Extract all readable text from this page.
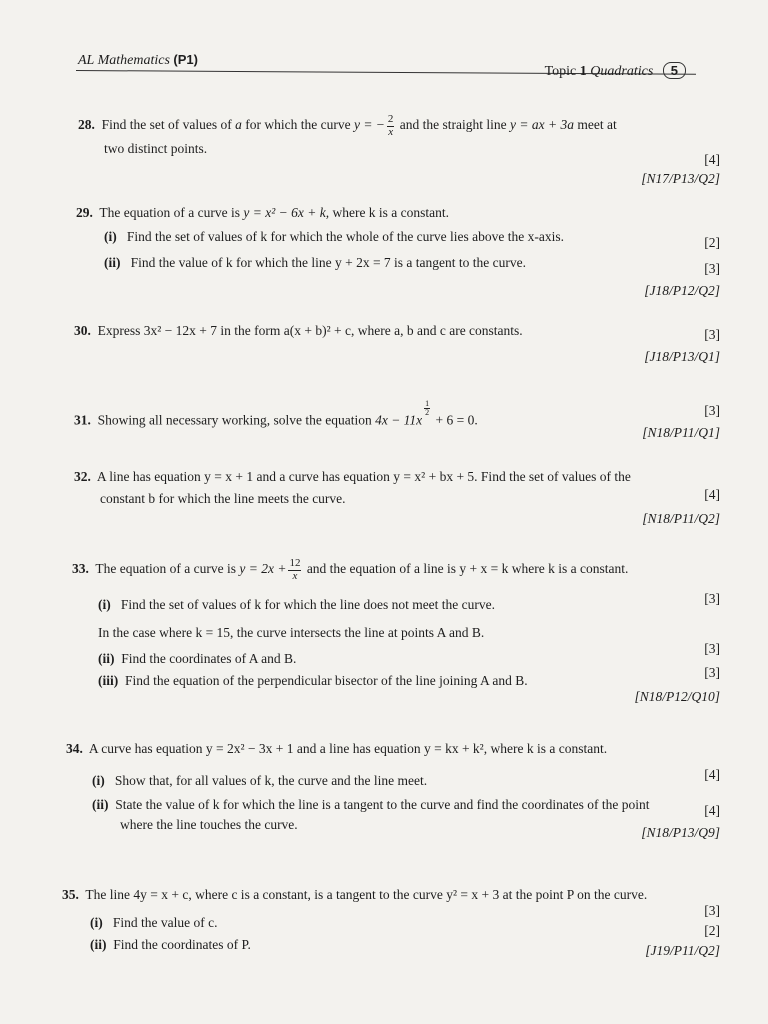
AL Mathematics (P1)
Topic 1 Quadratics 5
28. Find the set of values of a for which the curve y = − $\frac{2}{x}$ and the straight line y = ax + 3a meet at
two distinct points.
[4]
[N17/P13/Q2]
29. The equation of a curve is y = x² − 6x + k, where k is a constant.
(i) Find the set of values of k for which the whole of the curve lies above the x-axis.	[2]
(ii) Find the value of k for which the line y + 2x = 7 is a tangent to the curve.	[3]
[J18/P12/Q2]
30. Express 3x² − 12x + 7 in the form a(x + b)² + c, where a, b and c are constants.	[3]
[J18/P13/Q1]
31. Showing all necessary working, solve the equation 4x − 11x
$\frac{1}{2}$
+ 6 = 0.
[3]
[N18/P11/Q1]
32. A line has equation y = x + 1 and a curve has equation y = x² + bx + 5. Find the set of values of the
constant b for which the line meets the curve.	[4]
[N18/P11/Q2]
33. The equation of a curve is $y = 2x + \frac{12}{x}$ and the equation of a line is y + x = k where k is a constant.
(i) Find the set of values of k for which the line does not meet the curve.	[3]
In the case where k = 15, the curve intersects the line at points A and B.
[3]
(ii) Find the coordinates of A and B.
(iii) Find the equation of the perpendicular bisector of the line joining A and B.
[3]
[N18/P12/Q10]
34. A curve has equation y = 2x² − 3x + 1 and a line has equation y = kx + k², where k is a constant.
(i) Show that, for all values of k, the curve and the line meet.	[4]
(ii) State the value of k for which the line is a tangent to the curve and find the coordinates of the point	[4]
where the line touches the curve.
[N18/P13/Q9]
35. The line 4y = x + c, where c is a constant, is a tangent to the curve y² = x + 3 at the point P on the curve.
[3]
(i) Find the value of c.
[2]
(ii) Find the coordinates of P.	[J19/P11/Q2]
